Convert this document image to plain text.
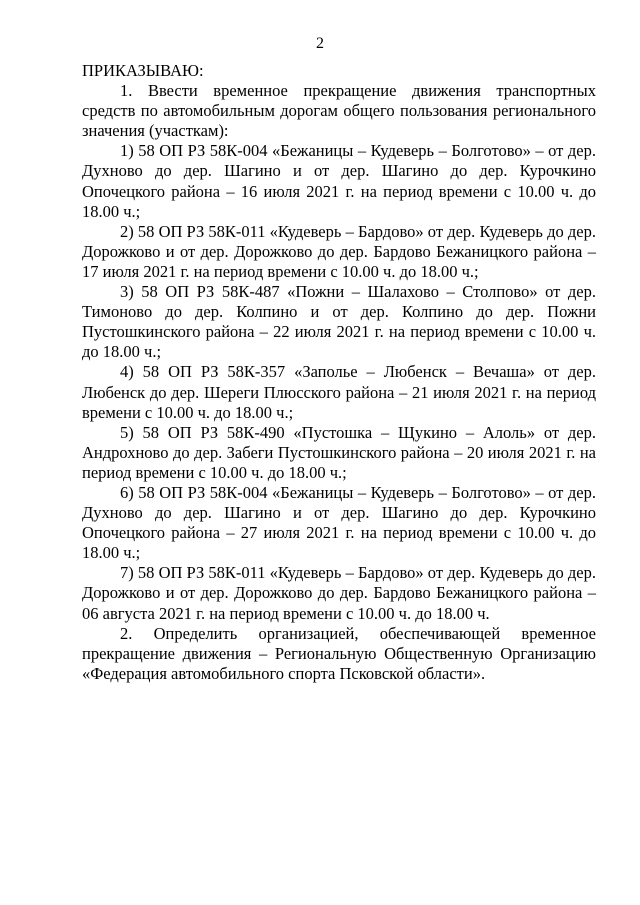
2

ПРИКАЗЫВАЮ:

1. Ввести временное прекращение движения транспортных средств по автомобильным дорогам общего пользования регионального значения (участкам):

1) 58 ОП РЗ 58К-004 «Бежаницы – Кудеверь – Болготово» – от дер. Духново до дер. Шагино и от дер. Шагино до дер. Курочкино Опочецкого района – 16 июля 2021 г. на период времени с 10.00 ч. до 18.00 ч.;

2) 58 ОП РЗ 58К-011 «Кудеверь – Бардово» от дер. Кудеверь до дер. Дорожково и от дер. Дорожково до дер. Бардово Бежаницкого района – 17 июля 2021 г. на период времени с 10.00 ч. до 18.00 ч.;

3) 58 ОП РЗ 58К-487 «Пожни – Шалахово – Столпово» от дер. Тимоново до дер. Колпино и от дер. Колпино до дер. Пожни Пустошкинского района – 22 июля 2021 г. на период времени с 10.00 ч. до 18.00 ч.;

4) 58 ОП РЗ 58К-357 «Заполье – Любенск – Вечаша» от дер. Любенск до дер. Шереги Плюсского района – 21 июля 2021 г. на период времени с 10.00 ч. до 18.00 ч.;

5) 58 ОП РЗ 58К-490 «Пустошка – Щукино – Алоль» от дер. Андрохново до дер. Забеги Пустошкинского района – 20 июля 2021 г. на период времени с 10.00 ч. до 18.00 ч.;

6) 58 ОП РЗ 58К-004 «Бежаницы – Кудеверь – Болготово» – от дер. Духново до дер. Шагино и от дер. Шагино до дер. Курочкино Опочецкого района – 27 июля 2021 г. на период времени с 10.00 ч. до 18.00 ч.;

7) 58 ОП РЗ 58К-011 «Кудеверь – Бардово» от дер. Кудеверь до дер. Дорожково и от дер. Дорожково до дер. Бардово Бежаницкого района – 06 августа 2021 г. на период времени с 10.00 ч. до 18.00 ч.

2. Определить организацией, обеспечивающей временное прекращение движения – Региональную Общественную Организацию «Федерация автомобильного спорта Псковской области».
